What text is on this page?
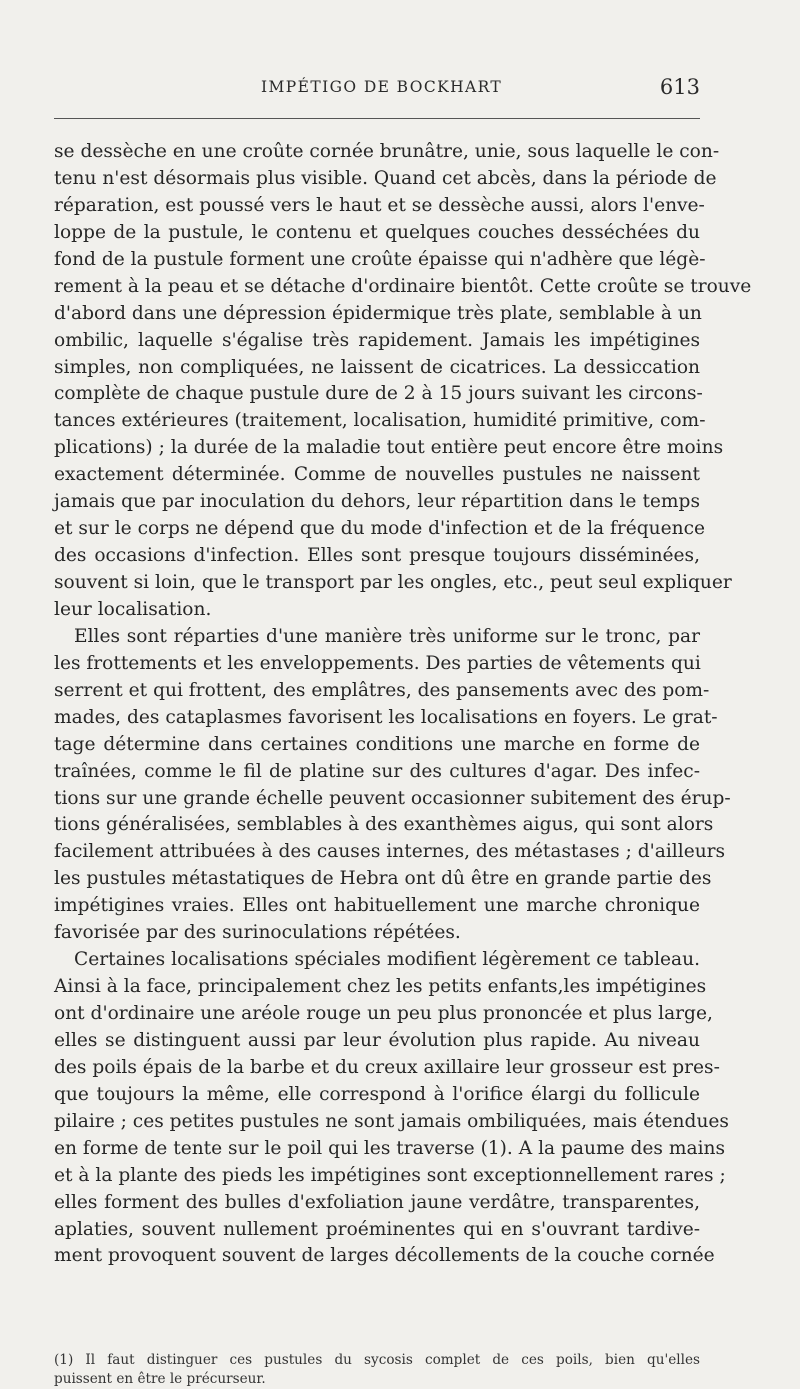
IMPÉTIGO DE BOCKHART	613
se dessèche en une croûte cornée brunâtre, unie, sous laquelle le con-
tenu n'est désormais plus visible. Quand cet abcès, dans la période de
réparation, est poussé vers le haut et se dessèche aussi, alors l'enve-
loppe de la pustule, le contenu et quelques couches desséchées du
fond de la pustule forment une croûte épaisse qui n'adhère que légè-
rement à la peau et se détache d'ordinaire bientôt. Cette croûte se trouve
d'abord dans une dépression épidermique très plate, semblable à un
ombilic, laquelle s'égalise très rapidement. Jamais les impétigines
simples, non compliquées, ne laissent de cicatrices. La dessiccation
complète de chaque pustule dure de 2 à 15 jours suivant les circons-
tances extérieures (traitement, localisation, humidité primitive, com-
plications) ; la durée de la maladie tout entière peut encore être moins
exactement déterminée. Comme de nouvelles pustules ne naissent
jamais que par inoculation du dehors, leur répartition dans le temps
et sur le corps ne dépend que du mode d'infection et de la fréquence
des occasions d'infection. Elles sont presque toujours disséminées,
souvent si loin, que le transport par les ongles, etc., peut seul expliquer
leur localisation.
Elles sont réparties d'une manière très uniforme sur le tronc, par
les frottements et les enveloppements. Des parties de vêtements qui
serrent et qui frottent, des emplâtres, des pansements avec des pom-
mades, des cataplasmes favorisent les localisations en foyers. Le grat-
tage détermine dans certaines conditions une marche en forme de
traînées, comme le fil de platine sur des cultures d'agar. Des infec-
tions sur une grande échelle peuvent occasionner subitement des érup-
tions généralisées, semblables à des exanthèmes aigus, qui sont alors
facilement attribuées à des causes internes, des métastases ; d'ailleurs
les pustules métastatiques de Hebra ont dû être en grande partie des
impétigines vraies. Elles ont habituellement une marche chronique
favorisée par des surinoculations répétées.
Certaines localisations spéciales modifient légèrement ce tableau.
Ainsi à la face, principalement chez les petits enfants,les impétigines
ont d'ordinaire une aréole rouge un peu plus prononcée et plus large,
elles se distinguent aussi par leur évolution plus rapide. Au niveau
des poils épais de la barbe et du creux axillaire leur grosseur est pres-
que toujours la même, elle correspond à l'orifice élargi du follicule
pilaire ; ces petites pustules ne sont jamais ombiliquées, mais étendues
en forme de tente sur le poil qui les traverse (1). A la paume des mains
et à la plante des pieds les impétigines sont exceptionnellement rares ;
elles forment des bulles d'exfoliation jaune verdâtre, transparentes,
aplaties, souvent nullement proéminentes qui en s'ouvrant tardive-
ment provoquent souvent de larges décollements de la couche cornée
(1) Il faut distinguer ces pustules du sycosis complet de ces poils, bien qu'elles
puissent en être le précurseur.
